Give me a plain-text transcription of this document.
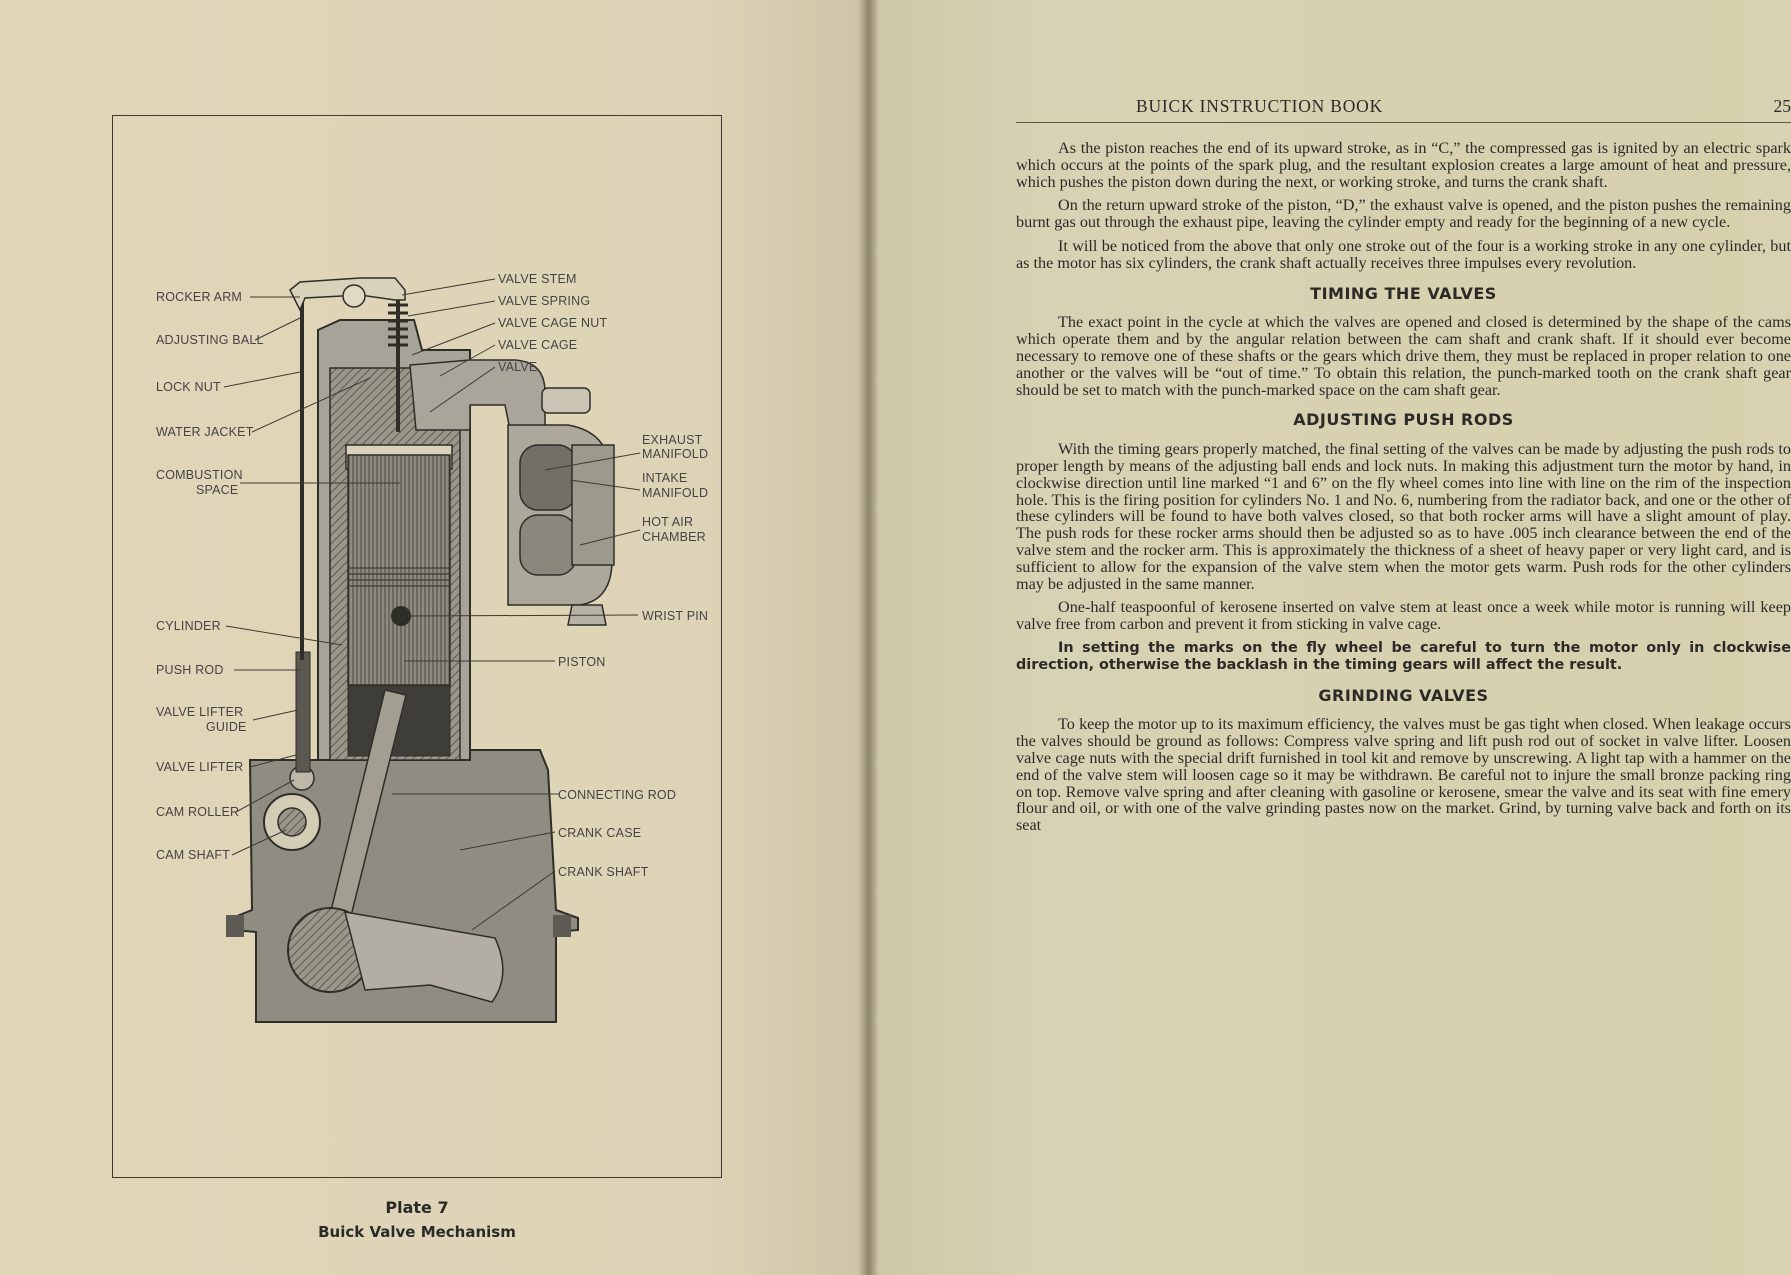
ROCKER ARM
ADJUSTING BALL
LOCK NUT
WATER JACKET
COMBUSTION
SPACE
CYLINDER
PUSH ROD
VALVE LIFTER
GUIDE
VALVE LIFTER
CAM ROLLER
CAM SHAFT
VALVE STEM
VALVE SPRING
VALVE CAGE NUT
VALVE CAGE
VALVE
EXHAUST
MANIFOLD
INTAKE
MANIFOLD
HOT AIR
CHAMBER
WRIST PIN
PISTON
CONNECTING ROD
CRANK CASE
CRANK SHAFT
Plate 7
Buick Valve Mechanism
BUICK INSTRUCTION BOOK	25

As the piston reaches the end of its upward stroke, as in “C,” the compressed gas is ignited by an electric spark which occurs at the points of the spark plug, and the resultant explosion creates a large amount of heat and pressure, which pushes the piston down during the next, or working stroke, and turns the crank shaft.

On the return upward stroke of the piston, “D,” the exhaust valve is opened, and the piston pushes the remaining burnt gas out through the exhaust pipe, leaving the cylinder empty and ready for the beginning of a new cycle.

It will be noticed from the above that only one stroke out of the four is a working stroke in any one cylinder, but as the motor has six cylinders, the crank shaft actually receives three impulses every revolution.

TIMING THE VALVES

The exact point in the cycle at which the valves are opened and closed is determined by the shape of the cams which operate them and by the angular relation between the cam shaft and crank shaft. If it should ever become necessary to remove one of these shafts or the gears which drive them, they must be replaced in proper relation to one another or the valves will be “out of time.” To obtain this relation, the punch-marked tooth on the crank shaft gear should be set to match with the punch-marked space on the cam shaft gear.

ADJUSTING PUSH RODS

With the timing gears properly matched, the final setting of the valves can be made by adjusting the push rods to proper length by means of the adjusting ball ends and lock nuts. In making this adjustment turn the motor by hand, in clockwise direction until line marked “1 and 6” on the fly wheel comes into line with line on the rim of the inspection hole. This is the firing position for cylinders No. 1 and No. 6, numbering from the radiator back, and one or the other of these cylinders will be found to have both valves closed, so that both rocker arms will have a slight amount of play. The push rods for these rocker arms should then be adjusted so as to have .005 inch clearance between the end of the valve stem and the rocker arm. This is approximately the thickness of a sheet of heavy paper or very light card, and is sufficient to allow for the expansion of the valve stem when the motor gets warm. Push rods for the other cylinders may be adjusted in the same manner.

One-half teaspoonful of kerosene inserted on valve stem at least once a week while motor is running will keep valve free from carbon and prevent it from sticking in valve cage.

In setting the marks on the fly wheel be careful to turn the motor only in clockwise direction, otherwise the backlash in the timing gears will affect the result.

GRINDING VALVES

To keep the motor up to its maximum efficiency, the valves must be gas tight when closed. When leakage occurs the valves should be ground as follows: Compress valve spring and lift push rod out of socket in valve lifter. Loosen valve cage nuts with the special drift furnished in tool kit and remove by unscrewing. A light tap with a hammer on the end of the valve stem will loosen cage so it may be withdrawn. Be careful not to injure the small bronze packing ring on top. Remove valve spring and after cleaning with gasoline or kerosene, smear the valve and its seat with fine emery flour and oil, or with one of the valve grinding pastes now on the market. Grind, by turning valve back and forth on its seat
